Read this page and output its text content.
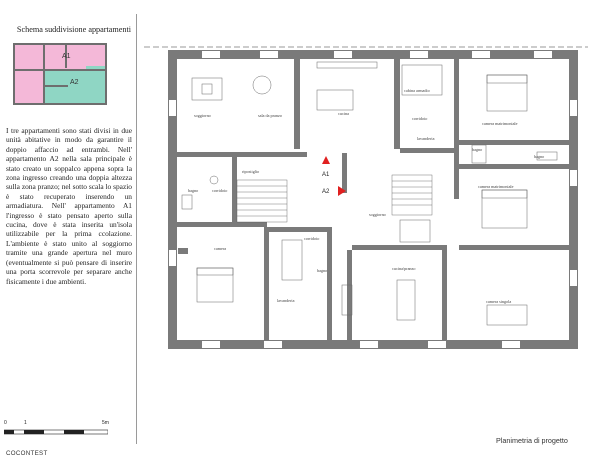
Schema suddivisione appartamenti
A1
A2
I tre appartamenti sono stati divisi in due unità abitative in modo da garantire il doppio affaccio ad entrambi. Nell' appartamento A2 nella sala principale è stato creato un soppalco appena sopra la zona ingresso creando una doppia altezza sulla zona pranzo; nel sotto scala lo spazio è stato recuperato inserendo un armadiatura. Nell' appartamento A1 l'ingresso è stato pensato aperto sulla cucina, dove è stata inserita un'isola utilizzabile per la prima ccolazione. L'ambiente è stato unito al soggiorno tramite una grande apertura nel muro (eventualmente si può pensare di inserire una porta scorrevole per separare anche fisicamente i due ambienti.
soggiorno	sala da pranzo	cucina
cabina armadio
camera matrimoniale
corridoio
lavanderia
bagno
bagno
ripostiglio
corridoio
bagno
camera matrimoniale
soggiorno
corridoio
camera
bagno
lavanderia
cucina/pranzo
camera singola
A1
A2
0	1	5m
COCONTEST
Planimetria di progetto
